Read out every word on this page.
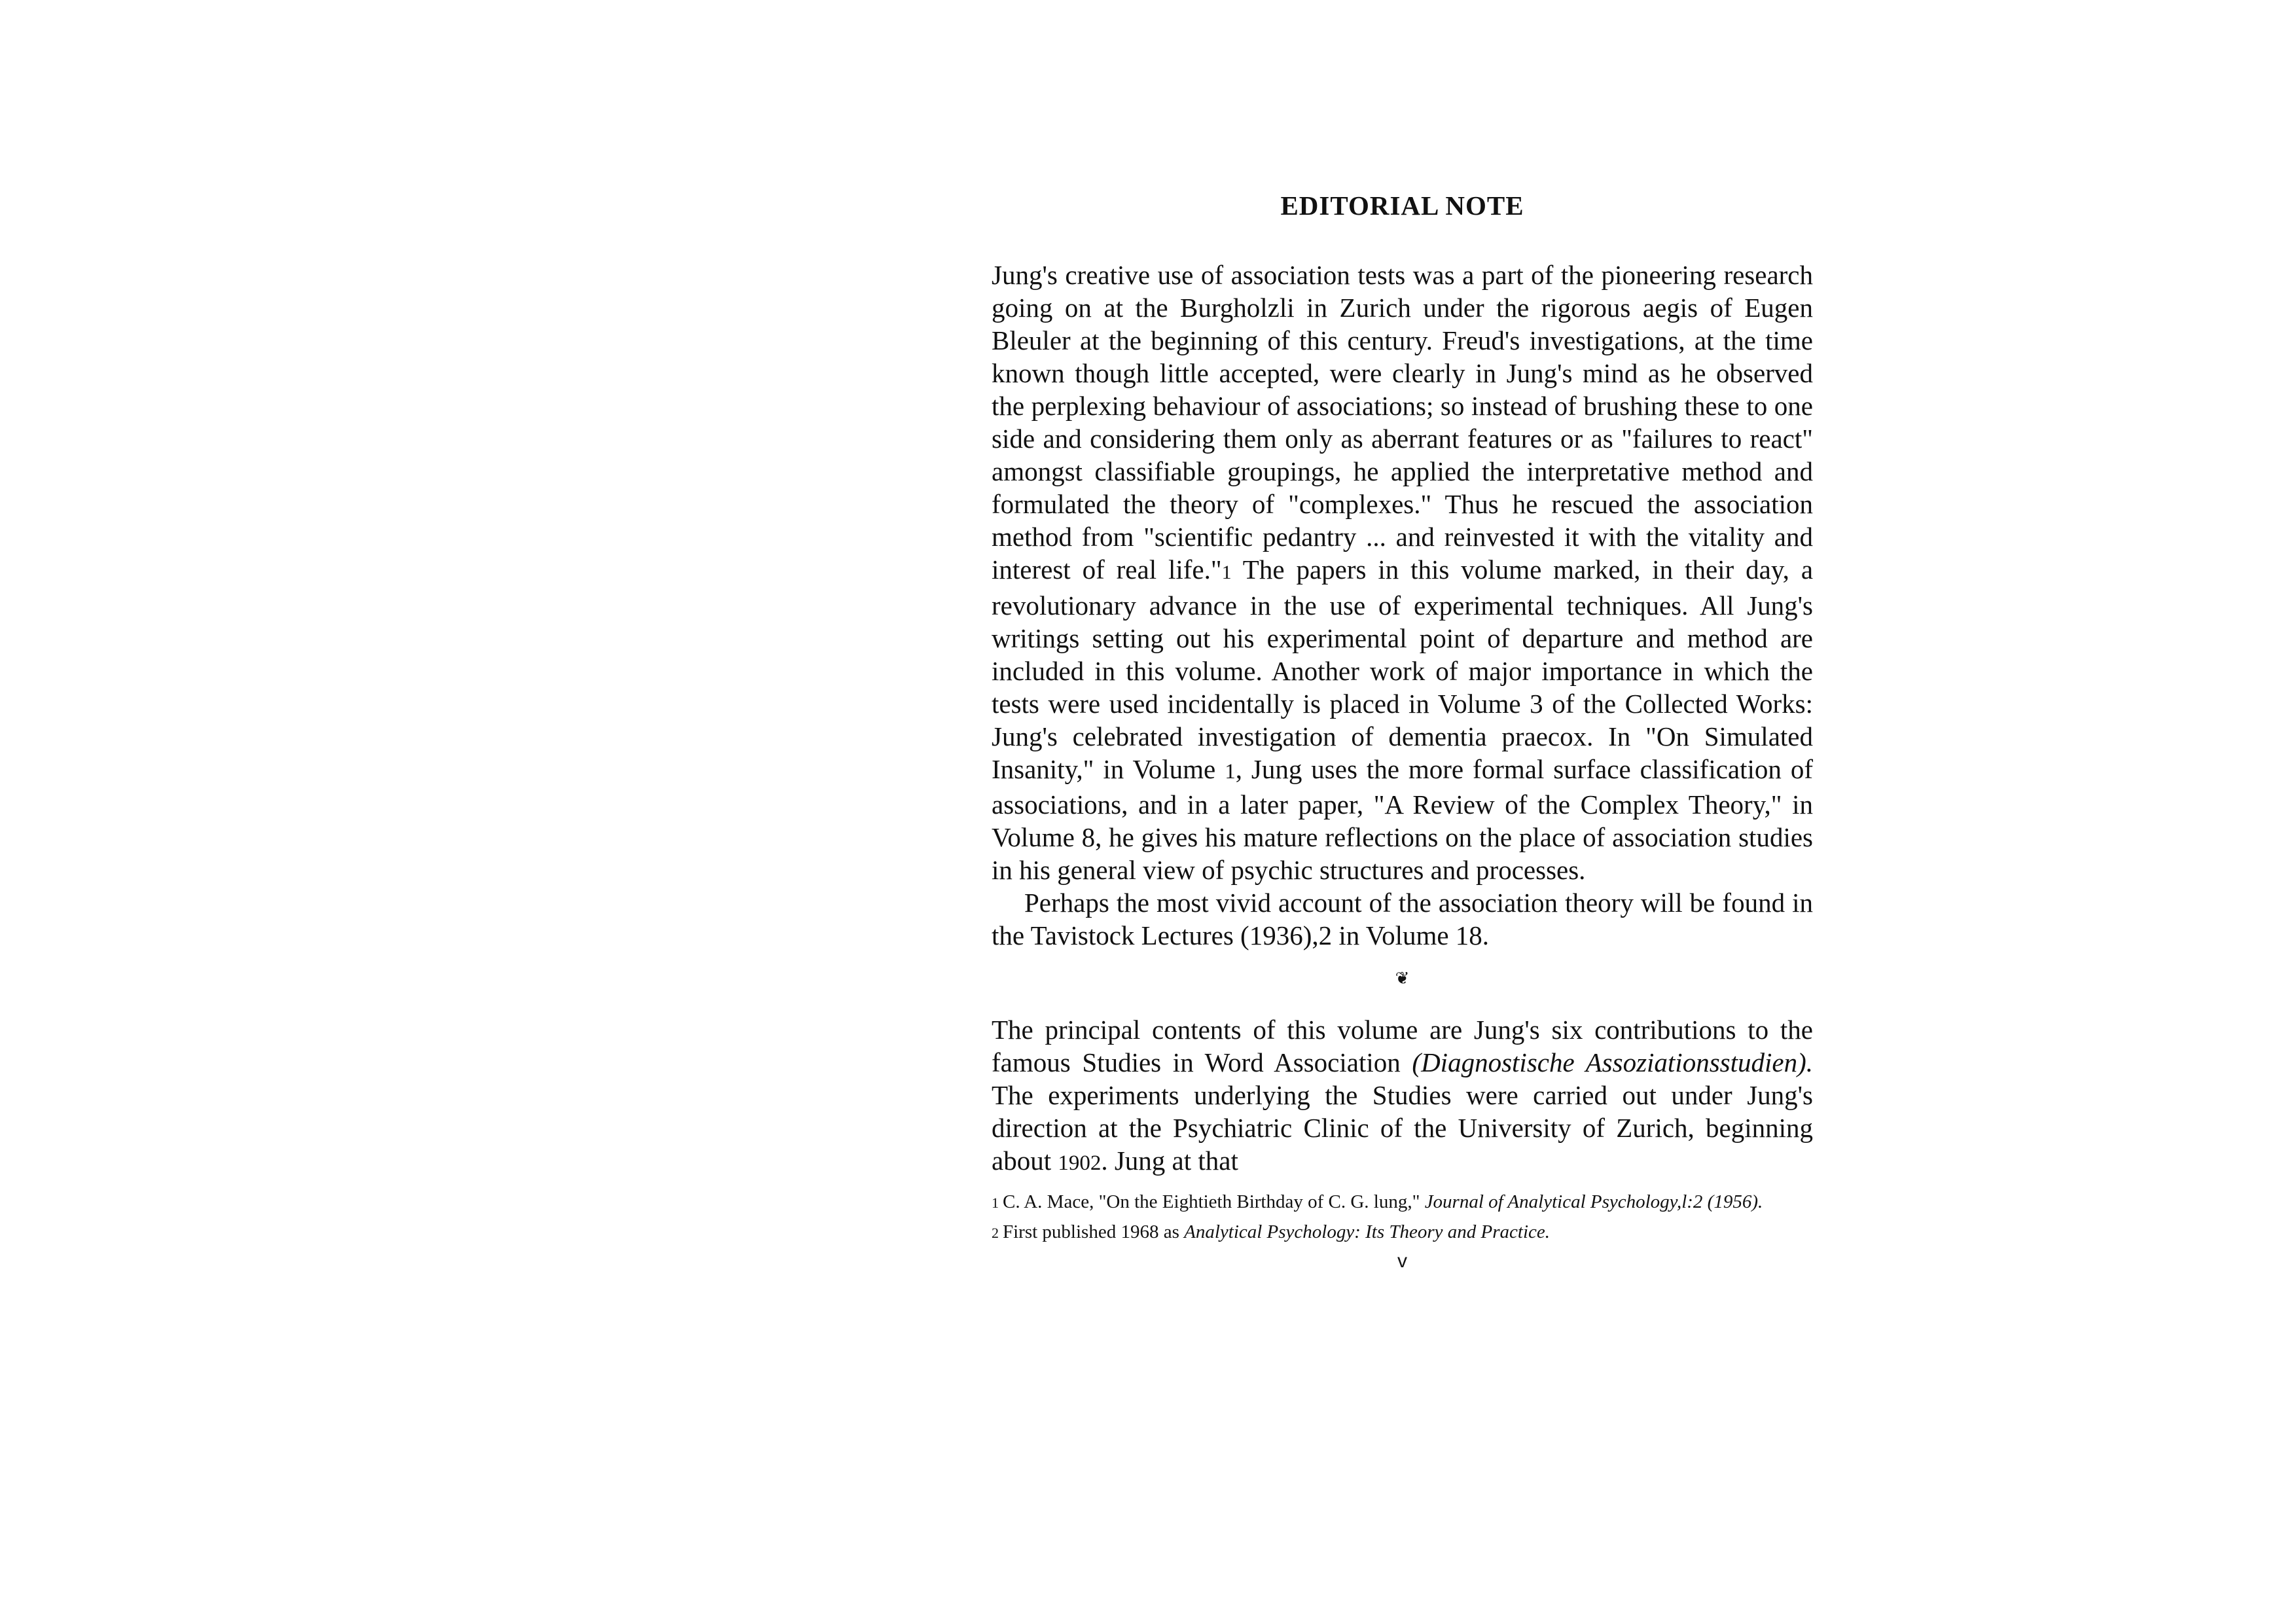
EDITORIAL NOTE

Jung's creative use of association tests was a part of the pioneering research going on at the Burgholzli in Zurich under the rigorous aegis of Eugen Bleuler at the beginning of this century. Freud's investigations, at the time known though little accepted, were clearly in Jung's mind as he observed the perplexing behaviour of associations; so instead of brushing these to one side and considering them only as aberrant features or as "failures to react" amongst classifiable groupings, he applied the interpretative method and formulated the theory of "complexes." Thus he rescued the association method from "scientific pedantry ... and reinvested it with the vitality and interest of real life."1 The papers in this volume marked, in their day, a revolutionary advance in the use of experimental techniques. All Jung's writings setting out his experimental point of departure and method are included in this volume. Another work of major importance in which the tests were used incidentally is placed in Volume 3 of the Collected Works: Jung's celebrated investigation of dementia praecox. In "On Simulated Insanity," in Volume 1, Jung uses the more formal surface classification of associations, and in a later paper, "A Review of the Complex Theory," in Volume 8, he gives his mature reflections on the place of association studies in his general view of psychic structures and processes.

Perhaps the most vivid account of the association theory will be found in the Tavistock Lectures (1936),2 in Volume 18.

❦

The principal contents of this volume are Jung's six contributions to the famous Studies in Word Association (Diagnostische Assoziationsstudien). The experiments underlying the Studies were carried out under Jung's direction at the Psychiatric Clinic of the University of Zurich, beginning about 1902. Jung at that

1 C. A. Mace, "On the Eightieth Birthday of C. G. lung," Journal of Analytical Psychology,l:2 (1956).

2 First published 1968 as Analytical Psychology: Its Theory and Practice.

v
